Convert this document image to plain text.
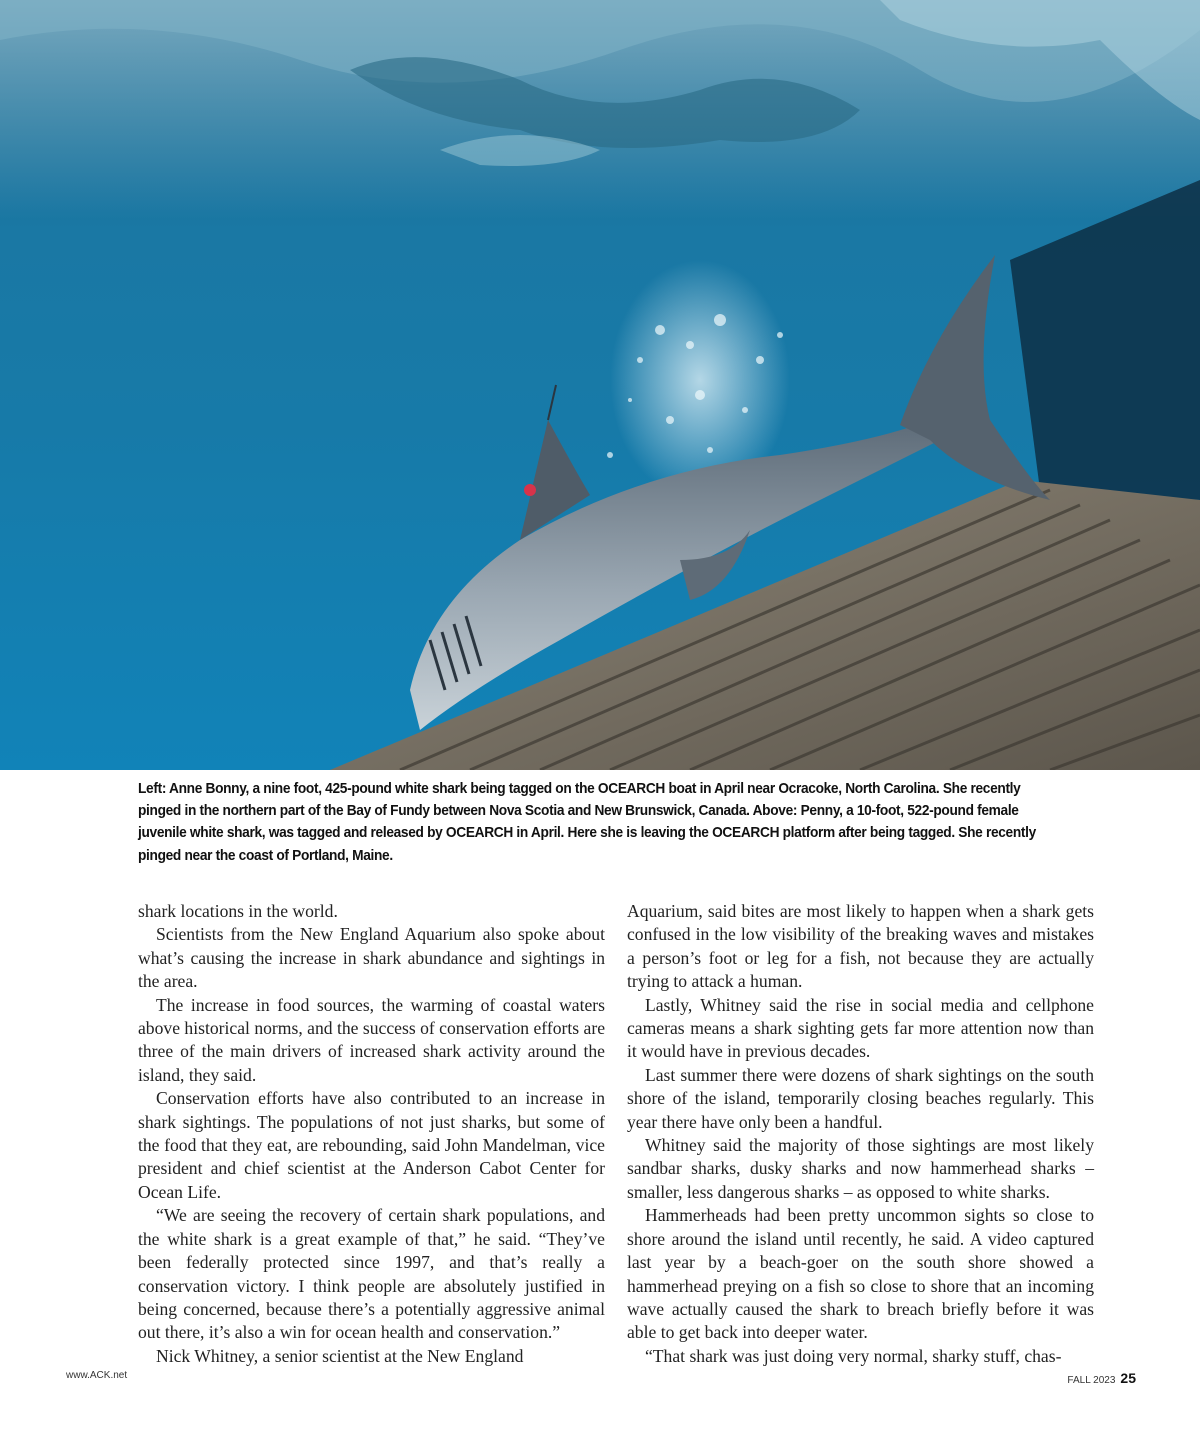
Left: Anne Bonny, a nine foot, 425-pound white shark being tagged on the OCEARCH boat in April near Ocracoke, North Carolina. She recently pinged in the northern part of the Bay of Fundy between Nova Scotia and New Brunswick, Canada. Above: Penny, a 10-foot, 522-pound female juvenile white shark, was tagged and released by OCEARCH in April. Here she is leaving the OCEARCH platform after being tagged. She recently pinged near the coast of Portland, Maine.

shark locations in the world.

Scientists from the New England Aquarium also spoke about what’s causing the increase in shark abundance and sightings in the area.

The increase in food sources, the warming of coastal waters above historical norms, and the success of conservation efforts are three of the main drivers of increased shark activity around the island, they said.

Conservation efforts have also contributed to an increase in shark sightings. The populations of not just sharks, but some of the food that they eat, are rebounding, said John Mandelman, vice president and chief scientist at the Anderson Cabot Center for Ocean Life.

“We are seeing the recovery of certain shark populations, and the white shark is a great example of that,” he said. “They’ve been federally protected since 1997, and that’s really a conservation victory. I think people are absolutely justified in being concerned, because there’s a potentially aggressive animal out there, it’s also a win for ocean health and conservation.”

Nick Whitney, a senior scientist at the New England

Aquarium, said bites are most likely to happen when a shark gets confused in the low visibility of the breaking waves and mistakes a person’s foot or leg for a fish, not because they are actually trying to attack a human.

Lastly, Whitney said the rise in social media and cellphone cameras means a shark sighting gets far more attention now than it would have in previous decades.

Last summer there were dozens of shark sightings on the south shore of the island, temporarily closing beaches regularly. This year there have only been a handful.

Whitney said the majority of those sightings are most likely sandbar sharks, dusky sharks and now hammerhead sharks – smaller, less dangerous sharks – as opposed to white sharks.

Hammerheads had been pretty uncommon sights so close to shore around the island until recently, he said. A video captured last year by a beach-goer on the south shore showed a hammerhead preying on a fish so close to shore that an incoming wave actually caused the shark to breach briefly before it was able to get back into deeper water.

“That shark was just doing very normal, sharky stuff, chas-

www.ACK.net	FALL 2023 25
